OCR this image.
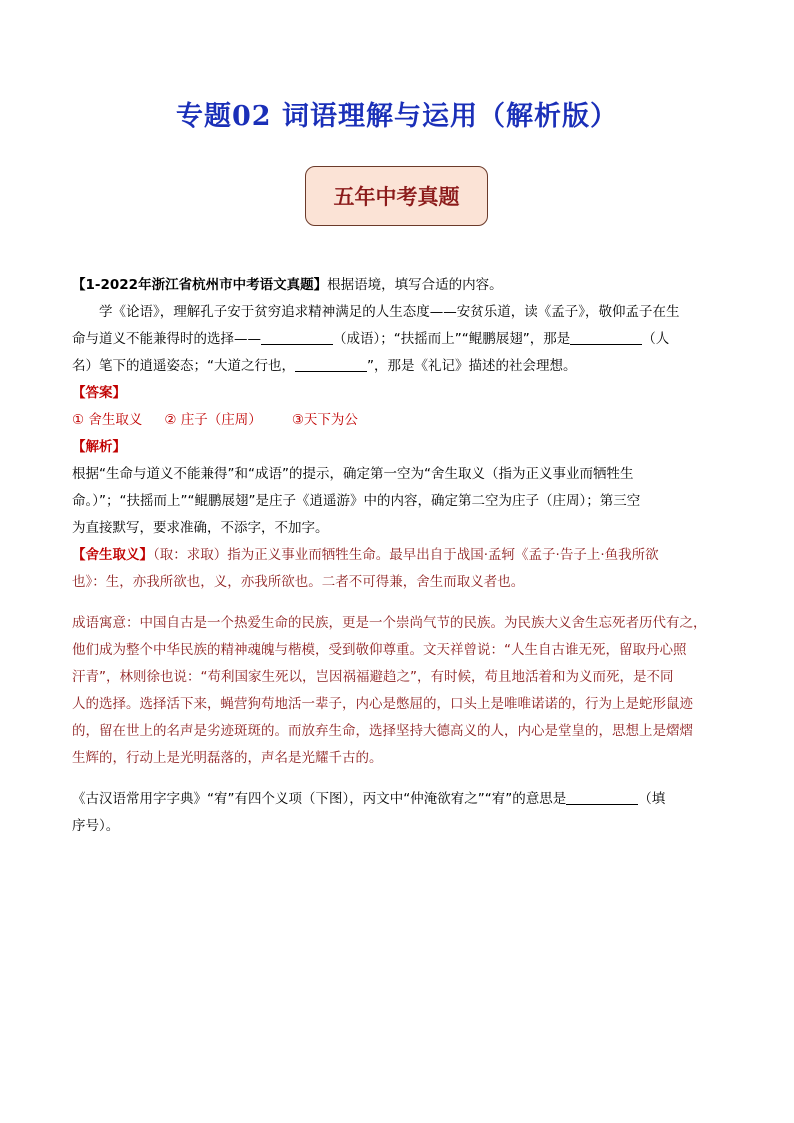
专题02 词语理解与运用（解析版）
五年中考真题
【1-2022年浙江省杭州市中考语文真题】根据语境，填写合适的内容。
学《论语》，理解孔子安于贫穷追求精神满足的人生态度——安贫乐道，读《孟子》，敬仰孟子在生
命与道义不能兼得时的选择——	（成语）；“扶摇而上”“鲲鹏展翅”，那是	（人
名）笔下的逍遥姿态；“大道之行也，	”，那是《礼记》描述的社会理想。
【答案】
① 舍生取义 ② 庄子（庄周） ③天下为公
【解析】
根据“生命与道义不能兼得”和“成语”的提示，确定第一空为“舍生取义（指为正义事业而牺牲生
命。）”；“扶摇而上”“鲲鹏展翅”是庄子《逍遥游》中的内容，确定第二空为庄子（庄周）；第三空
为直接默写，要求准确，不添字，不加字。
【舍生取义】（取：求取）指为正义事业而牺牲生命。最早出自于战国·孟轲《孟子·告子上·鱼我所欲
也》：生，亦我所欲也，义，亦我所欲也。二者不可得兼，舍生而取义者也。
成语寓意：中国自古是一个热爱生命的民族，更是一个崇尚气节的民族。为民族大义舍生忘死者历代有之，
他们成为整个中华民族的精神魂魄与楷模，受到敬仰尊重。文天祥曾说：“人生自古谁无死，留取丹心照
汗青”，林则徐也说：“苟利国家生死以，岂因祸福避趋之”，有时候，苟且地活着和为义而死，是不同
人的选择。选择活下来，蝇营狗苟地活一辈子，内心是憋屈的，口头上是唯唯诺诺的，行为上是蛇形鼠迹
的，留在世上的名声是劣迹斑斑的。而放弃生命，选择坚持大德高义的人，内心是堂皇的，思想上是熠熠
生辉的，行动上是光明磊落的，声名是光耀千古的。
《古汉语常用字字典》“宥”有四个义项（下图），丙文中“仲淹欲宥之”“宥”的意思是	（填
序号）。
